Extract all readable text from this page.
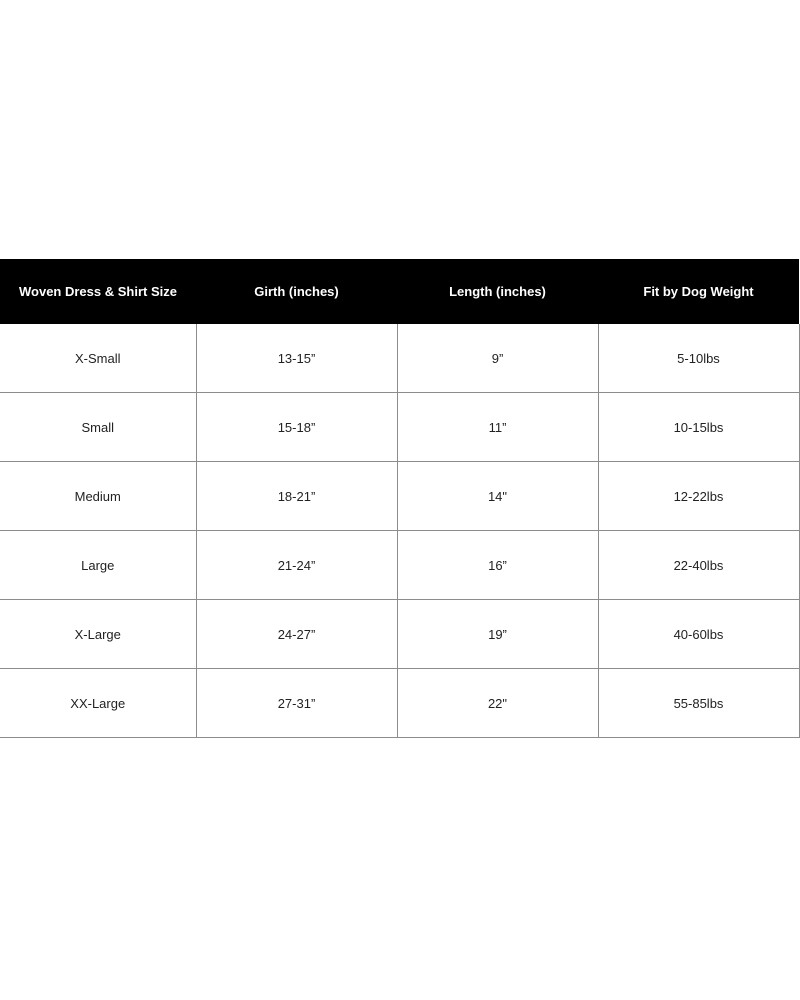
Woven Dress & Shirt Size	Girth (inches)	Length (inches)	Fit by Dog Weight
X-Small	13-15”	9”	5-10lbs
Small	15-18”	11”	10-15lbs
Medium	18-21”	14"	12-22lbs
Large	21-24”	16”	22-40lbs
X-Large	24-27”	19”	40-60lbs
XX-Large	27-31”	22"	55-85lbs
